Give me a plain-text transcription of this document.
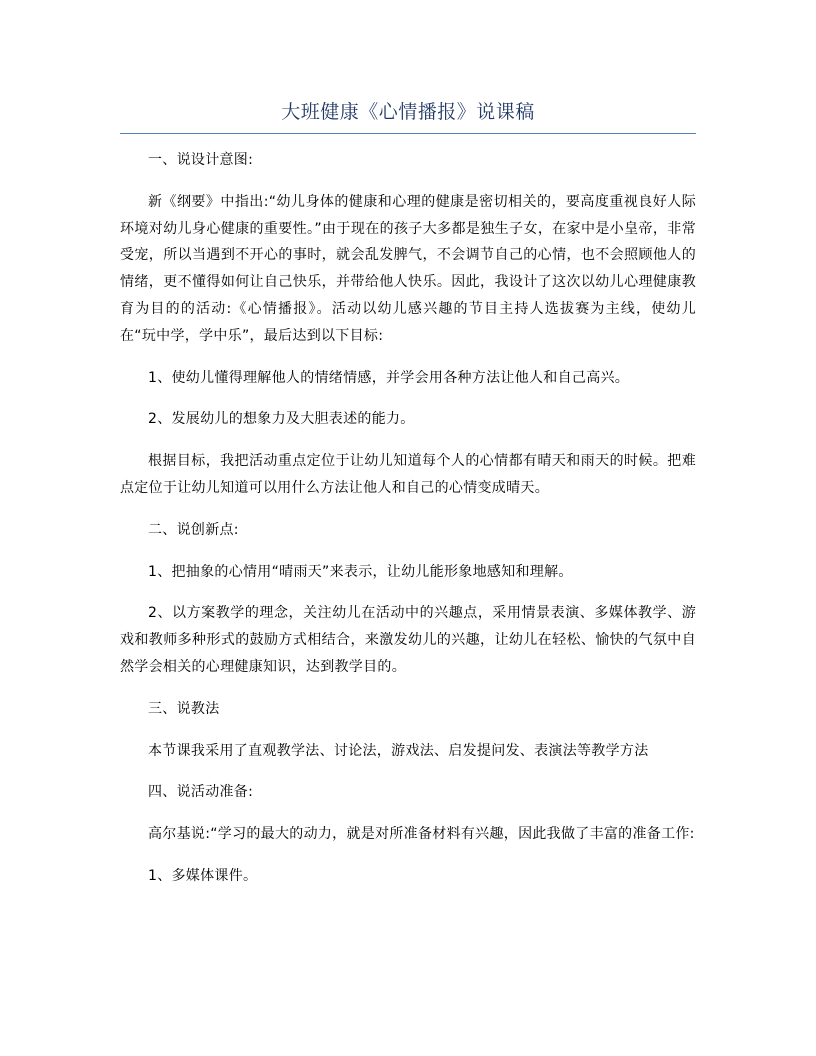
大班健康《心情播报》说课稿

一、说设计意图:

新《纲要》中指出:“幼儿身体的健康和心理的健康是密切相关的，要高度重视良好人际环境对幼儿身心健康的重要性。”由于现在的孩子大多都是独生子女，在家中是小皇帝，非常受宠，所以当遇到不开心的事时，就会乱发脾气，不会调节自己的心情，也不会照顾他人的情绪，更不懂得如何让自己快乐，并带给他人快乐。因此，我设计了这次以幼儿心理健康教育为目的的活动:《心情播报》。活动以幼儿感兴趣的节目主持人选拔赛为主线，使幼儿在“玩中学，学中乐”，最后达到以下目标:

1、使幼儿懂得理解他人的情绪情感，并学会用各种方法让他人和自己高兴。

2、发展幼儿的想象力及大胆表述的能力。

根据目标，我把活动重点定位于让幼儿知道每个人的心情都有晴天和雨天的时候。把难点定位于让幼儿知道可以用什么方法让他人和自己的心情变成晴天。

二、说创新点:

1、把抽象的心情用“晴雨天”来表示，让幼儿能形象地感知和理解。

2、以方案教学的理念，关注幼儿在活动中的兴趣点，采用情景表演、多媒体教学、游戏和教师多种形式的鼓励方式相结合，来激发幼儿的兴趣，让幼儿在轻松、愉快的气氛中自然学会相关的心理健康知识，达到教学目的。

三、说教法

本节课我采用了直观教学法、讨论法，游戏法、启发提问发、表演法等教学方法

四、说活动准备:

高尔基说:“学习的最大的动力，就是对所准备材料有兴趣，因此我做了丰富的准备工作:

1、多媒体课件。
